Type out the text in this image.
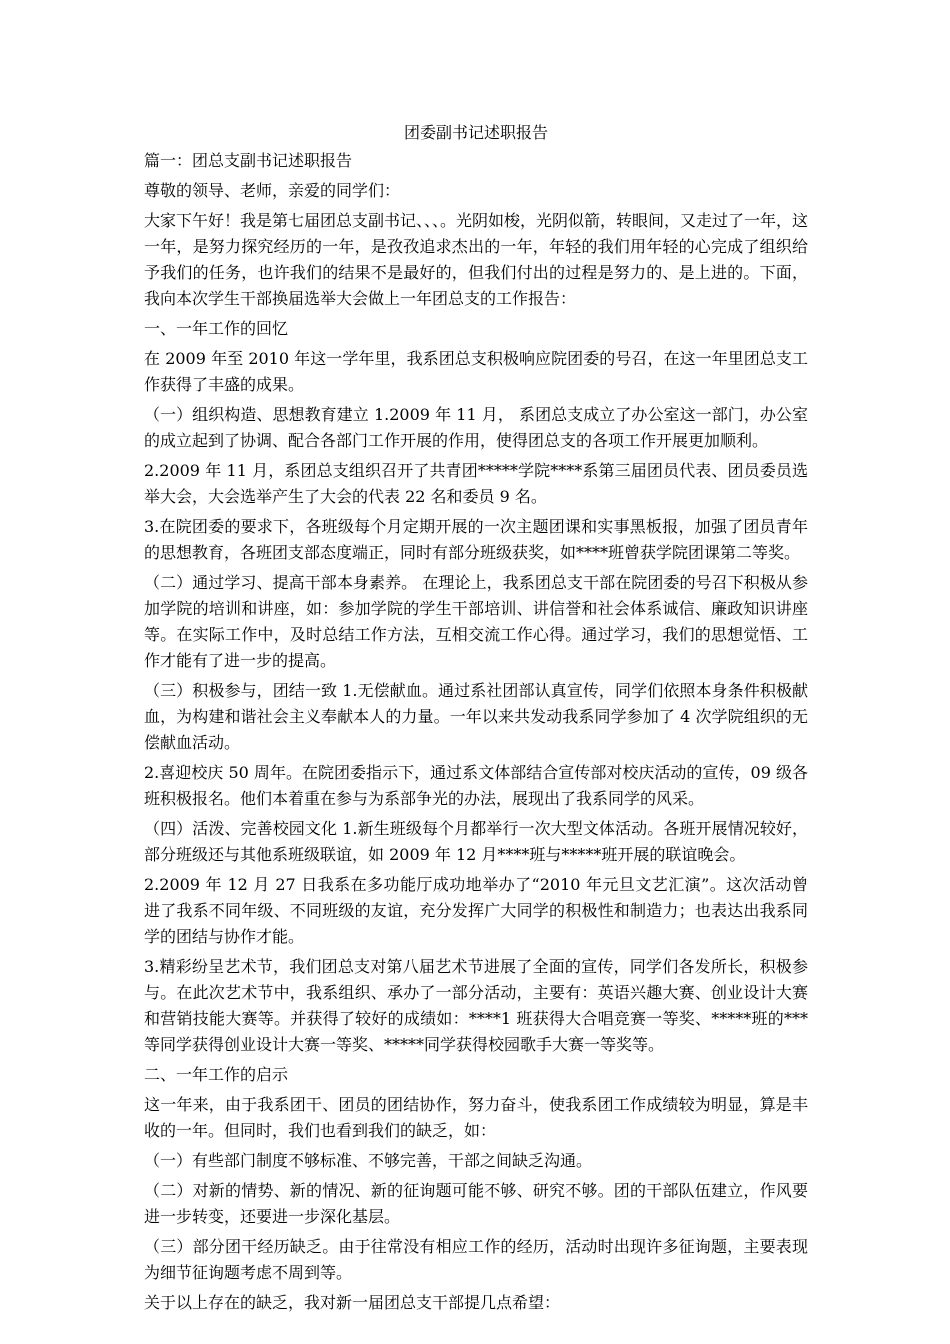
团委副书记述职报告

篇一：团总支副书记述职报告

尊敬的领导、老师，亲爱的同学们：

大家下午好！我是第七届团总支副书记、、、。光阴如梭，光阴似箭，转眼间，又走过了一年，这一年，是努力探究经历的一年，是孜孜追求杰出的一年，年轻的我们用年轻的心完成了组织给予我们的任务，也许我们的结果不是最好的，但我们付出的过程是努力的、是上进的。下面，我向本次学生干部换届选举大会做上一年团总支的工作报告：

一、一年工作的回忆

在 2009 年至 2010 年这一学年里，我系团总支积极响应院团委的号召，在这一年里团总支工作获得了丰盛的成果。

（一）组织构造、思想教育建立 1.2009 年 11 月， 系团总支成立了办公室这一部门，办公室的成立起到了协调、配合各部门工作开展的作用，使得团总支的各项工作开展更加顺利。

2.2009 年 11 月，系团总支组织召开了共青团*****学院****系第三届团员代表、团员委员选举大会，大会选举产生了大会的代表 22 名和委员 9 名。

3.在院团委的要求下，各班级每个月定期开展的一次主题团课和实事黑板报，加强了团员青年的思想教育，各班团支部态度端正，同时有部分班级获奖，如****班曾获学院团课第二等奖。

（二）通过学习、提高干部本身素养。 在理论上，我系团总支干部在院团委的号召下积极从参加学院的培训和讲座，如：参加学院的学生干部培训、讲信誉和社会体系诚信、廉政知识讲座等。在实际工作中，及时总结工作方法，互相交流工作心得。通过学习，我们的思想觉悟、工作才能有了进一步的提高。

（三）积极参与，团结一致 1.无偿献血。通过系社团部认真宣传，同学们依照本身条件积极献血，为构建和谐社会主义奉献本人的力量。一年以来共发动我系同学参加了 4 次学院组织的无偿献血活动。

2.喜迎校庆 50 周年。在院团委指示下，通过系文体部结合宣传部对校庆活动的宣传，09 级各班积极报名。他们本着重在参与为系部争光的办法，展现出了我系同学的风采。

（四）活泼、完善校园文化 1.新生班级每个月都举行一次大型文体活动。各班开展情况较好，部分班级还与其他系班级联谊，如 2009 年 12 月****班与*****班开展的联谊晚会。

2.2009 年 12 月 27 日我系在多功能厅成功地举办了“2010 年元旦文艺汇演”。这次活动曾进了我系不同年级、不同班级的友谊，充分发挥广大同学的积极性和制造力；也表达出我系同学的团结与协作才能。

3.精彩纷呈艺术节，我们团总支对第八届艺术节进展了全面的宣传，同学们各发所长，积极参与。在此次艺术节中，我系组织、承办了一部分活动，主要有：英语兴趣大赛、创业设计大赛和营销技能大赛等。并获得了较好的成绩如：****1 班获得大合唱竞赛一等奖、*****班的***等同学获得创业设计大赛一等奖、*****同学获得校园歌手大赛一等奖等。

二、一年工作的启示

这一年来，由于我系团干、团员的团结协作，努力奋斗，使我系团工作成绩较为明显，算是丰收的一年。但同时，我们也看到我们的缺乏，如：

（一）有些部门制度不够标准、不够完善，干部之间缺乏沟通。

（二）对新的情势、新的情况、新的征询题可能不够、研究不够。团的干部队伍建立，作风要进一步转变，还要进一步深化基层。

（三）部分团干经历缺乏。由于往常没有相应工作的经历，活动时出现许多征询题，主要表现为细节征询题考虑不周到等。

关于以上存在的缺乏，我对新一届团总支干部提几点希望：
